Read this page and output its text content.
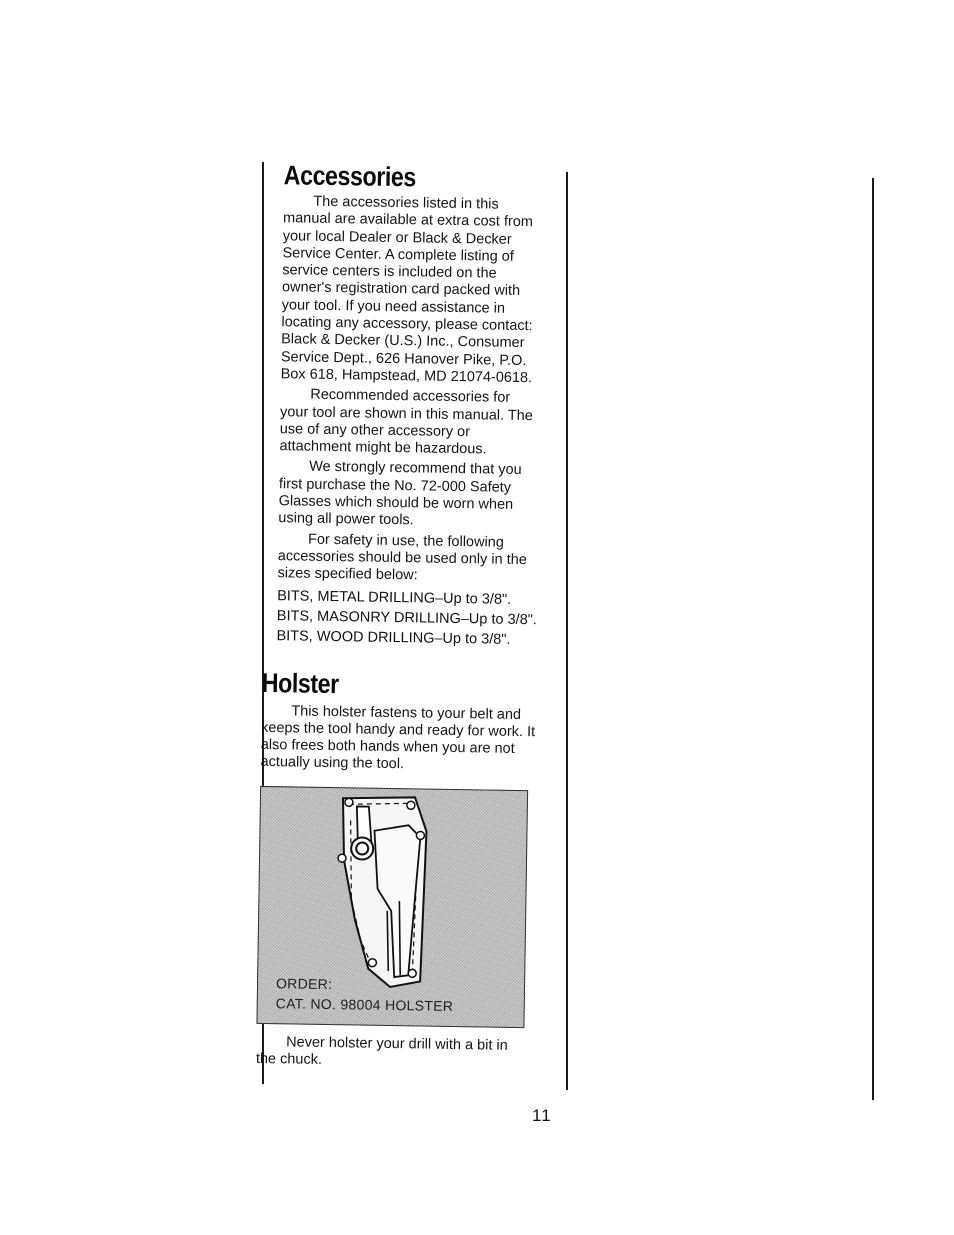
Accessories

The accessories listed in this manual are available at extra cost from your local Dealer or Black & Decker Service Center. A complete listing of service centers is included on the owner's registration card packed with your tool. If you need assistance in locating any accessory, please contact: Black & Decker (U.S.) Inc., Consumer Service Dept., 626 Hanover Pike, P.O. Box 618, Hampstead, MD 21074-0618.

Recommended accessories for your tool are shown in this manual. The use of any other accessory or attachment might be hazardous.

We strongly recommend that you first purchase the No. 72-000 Safety Glasses which should be worn when using all power tools.

For safety in use, the following accessories should be used only in the sizes specified below:

BITS, METAL DRILLING–Up to 3/8".
BITS, MASONRY DRILLING–Up to 3/8".
BITS, WOOD DRILLING–Up to 3/8".
Holster

This holster fastens to your belt and keeps the tool handy and ready for work. It also frees both hands when you are not actually using the tool.

ORDER:
CAT. NO. 98004 HOLSTER

Never holster your drill with a bit in the chuck.

11
